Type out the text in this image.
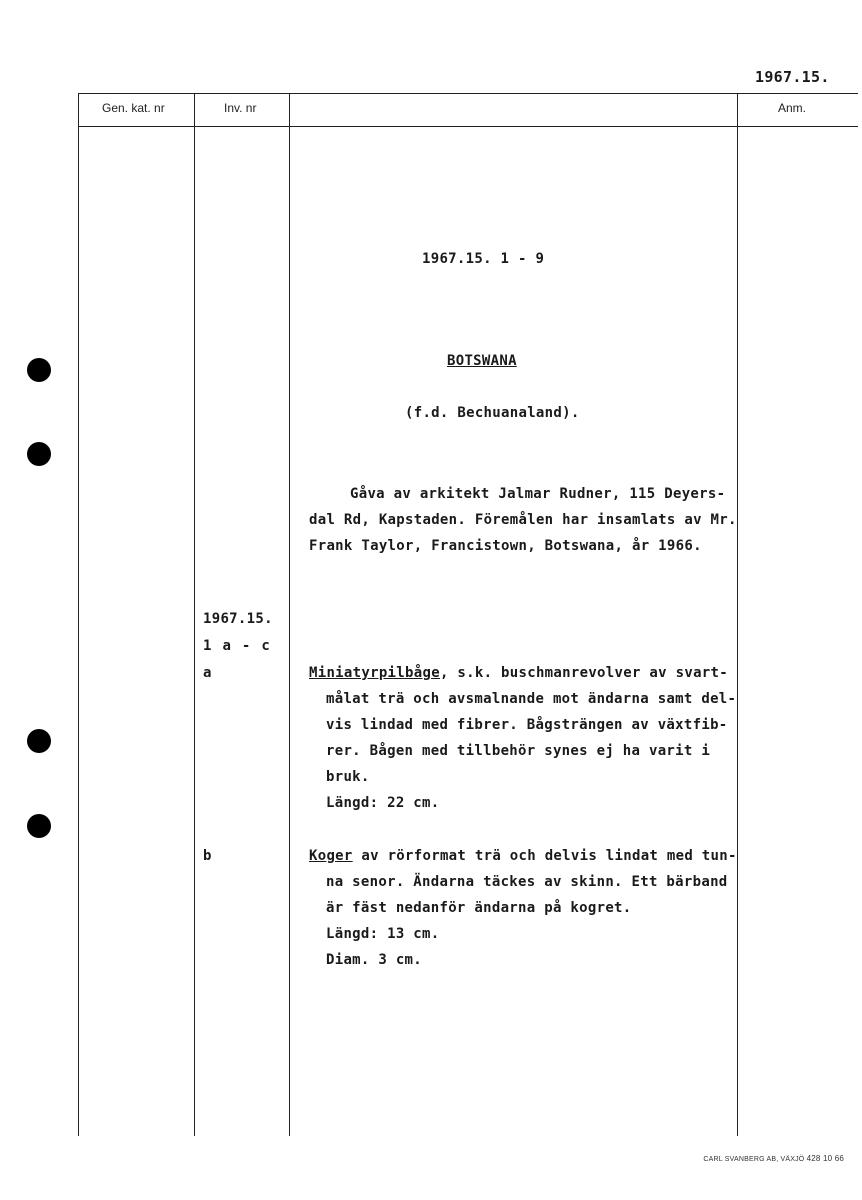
1967.15.
Gen. kat. nr	Inv. nr	Anm.
1967.15. 1 - 9
BOTSWANA
(f.d. Bechuanaland).
Gåva av arkitekt Jalmar Rudner, 115 Deyers-
dal Rd, Kapstaden. Föremålen har insamlats av Mr.
Frank Taylor, Francistown, Botswana, år 1966.
1967.15.
1 a - c
a
b
Miniatyrpilbåge, s.k. buschmanrevolver av svart-
målat trä och avsmalnande mot ändarna samt del-
vis lindad med fibrer. Bågsträngen av växtfib-
rer. Bågen med tillbehör synes ej ha varit i
bruk.
Längd: 22 cm.
Koger av rörformat trä och delvis lindat med tun-
na senor. Ändarna täckes av skinn. Ett bärband
är fäst nedanför ändarna på kogret.
Längd: 13 cm.
Diam. 3 cm.
CARL SVANBERG AB, VÄXJÖ 428 10 66
